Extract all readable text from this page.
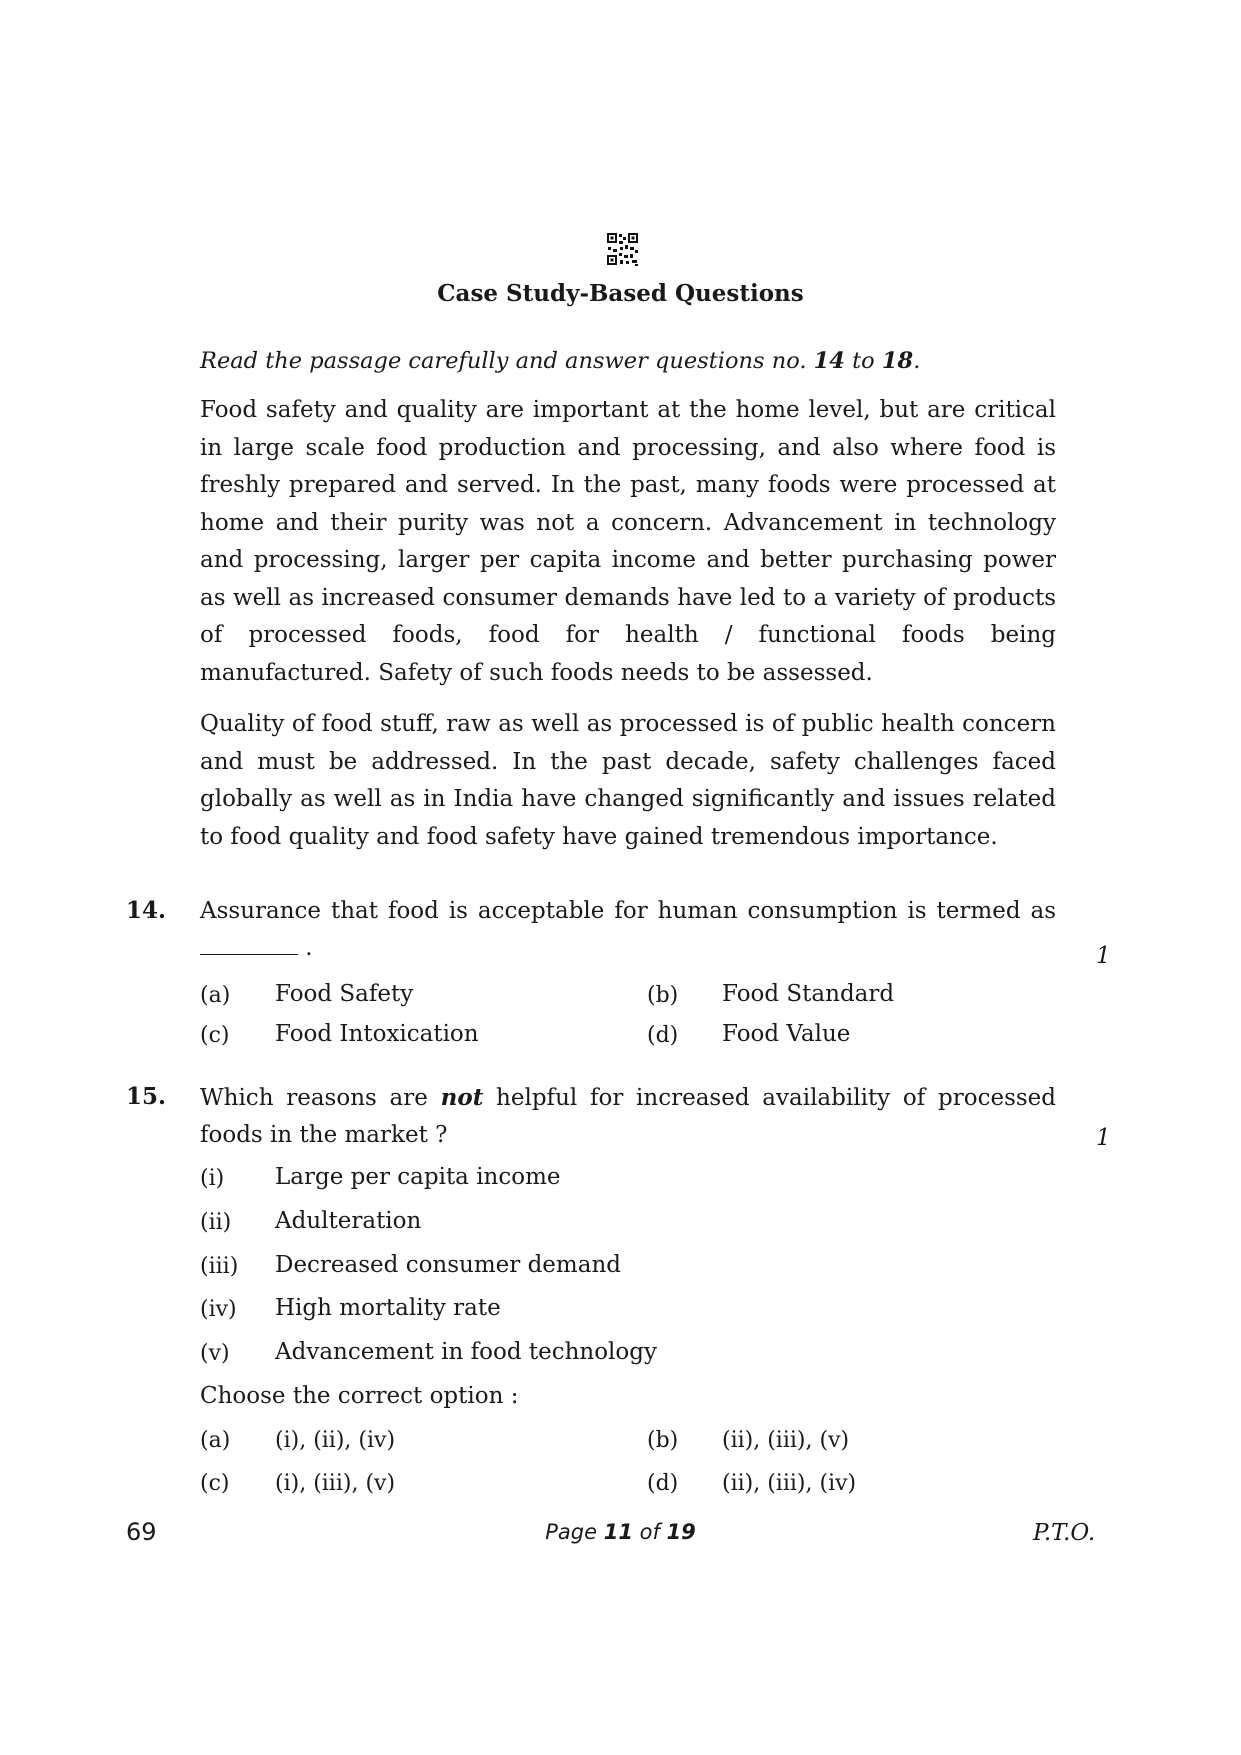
Case Study-Based Questions
Read the passage carefully and answer questions no. 14 to 18.
Food safety and quality are important at the home level, but are critical in large scale food production and processing, and also where food is freshly prepared and served. In the past, many foods were processed at home and their purity was not a concern. Advancement in technology and processing, larger per capita income and better purchasing power as well as increased consumer demands have led to a variety of products of processed foods, food for health / functional foods being manufactured. Safety of such foods needs to be assessed.
Quality of food stuff, raw as well as processed is of public health concern and must be addressed. In the past decade, safety challenges faced globally as well as in India have changed significantly and issues related to food quality and food safety have gained tremendous importance.
14. Assurance that food is acceptable for human consumption is termed as
.	1
(a) Food Safety	(b) Food Standard
(c) Food Intoxication	(d) Food Value
15. Which reasons are not helpful for increased availability of processed
foods in the market ?	1
(i) Large per capita income
(ii) Adulteration
(iii) Decreased consumer demand
(iv) High mortality rate
(v) Advancement in food technology
Choose the correct option :
(a) (i), (ii), (iv)	(b) (ii), (iii), (v)
(c) (i), (iii), (v)	(d) (ii), (iii), (iv)
69	Page 11 of 19	P.T.O.
